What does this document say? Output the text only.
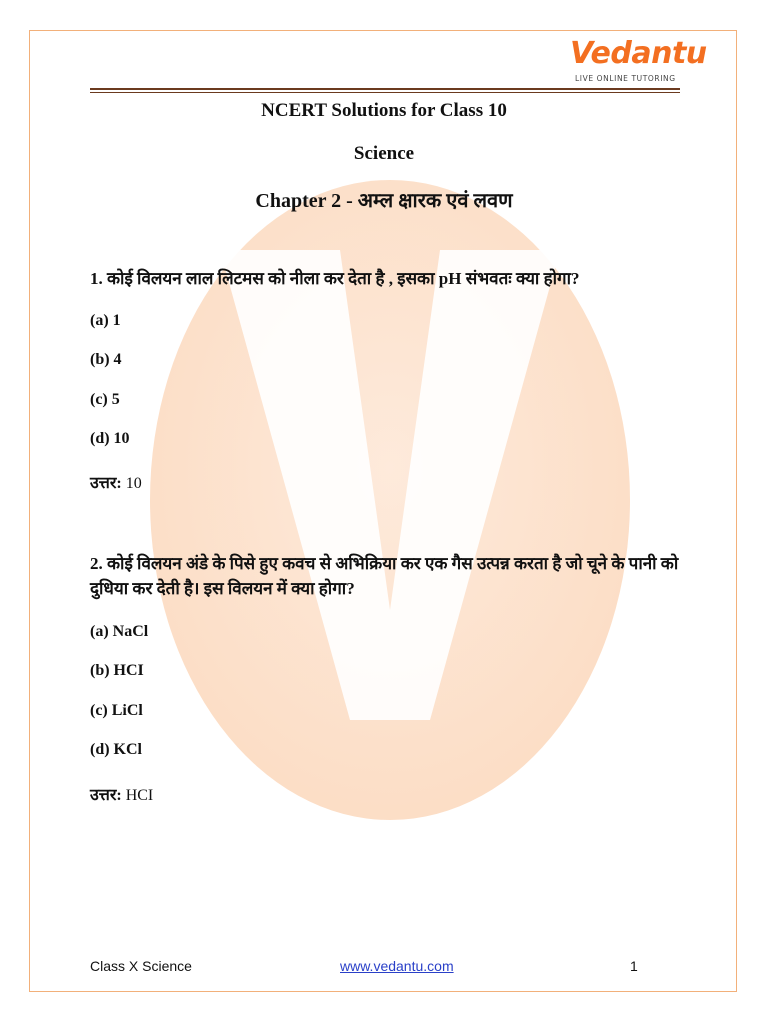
Vedantu
LIVE ONLINE TUTORING
NCERT Solutions for Class 10
Science
Chapter 2 - अम्ल क्षारक एवं लवण
1. कोई विलयन लाल लिटमस को नीला कर देता है , इसका pH संभवतः क्या होगा?
(a) 1
(b) 4
(c) 5
(d) 10
उत्तर: 10
2. कोई विलयन अंडे के पिसे हुए कवच से अभिक्रिया कर एक गैस उत्पन्न करता है जो चूने के पानी को दुधिया कर देती है। इस विलयन में क्या होगा?
(a) NaCl
(b) HCI
(c) LiCl
(d) KCl
उत्तर: HCI
Class X Science	www.vedantu.com	1
